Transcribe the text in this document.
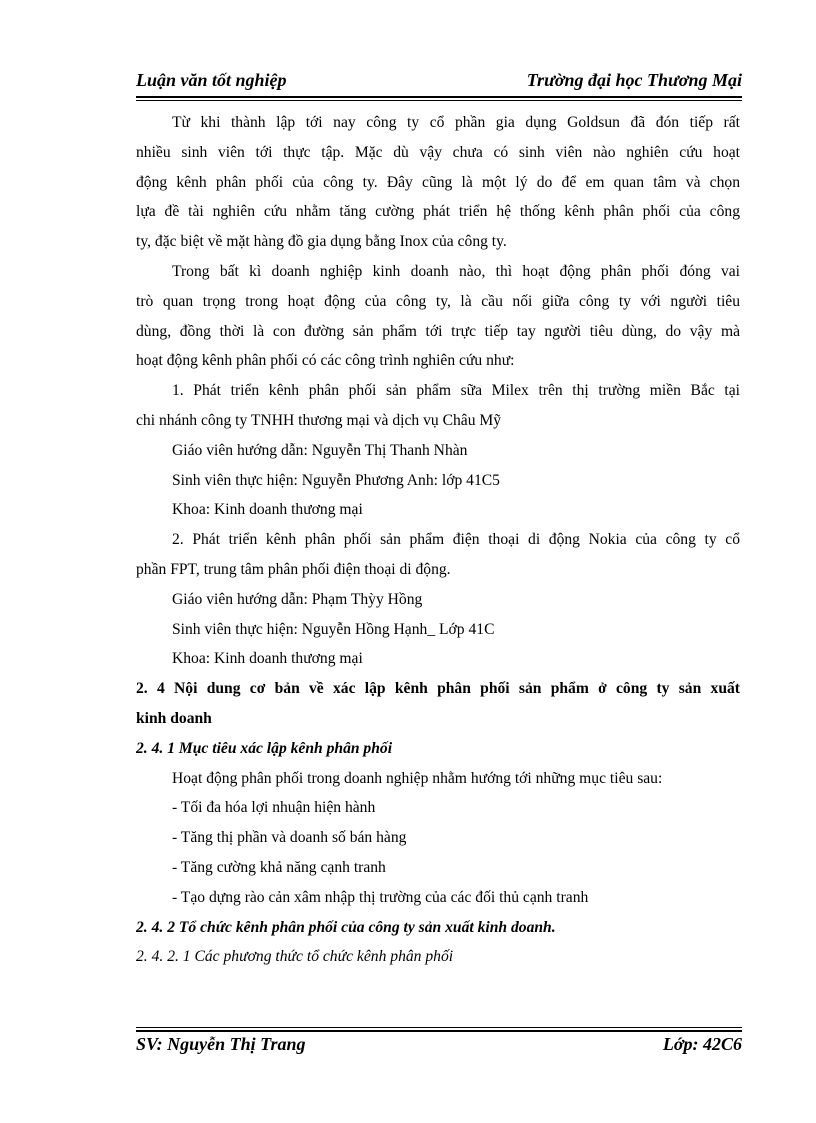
Luận văn tốt nghiệp	Trường đại học Thương Mại
Từ khi thành lập tới nay công ty cổ phần gia dụng Goldsun đã đón tiếp rất
nhiều sinh viên tới thực tập. Mặc dù vậy chưa có sinh viên nào nghiên cứu hoạt
động kênh phân phối của công ty. Đây cũng là một lý do để em quan tâm và chọn
lựa đề tài nghiên cứu nhằm tăng cường phát triển hệ thống kênh phân phối của công
ty, đặc biệt về mặt hàng đồ gia dụng bằng Inox của công ty.
Trong bất kì doanh nghiệp kinh doanh nào, thì hoạt động phân phối đóng vai
trò quan trọng trong hoạt động của công ty, là cầu nối giữa công ty với người tiêu
dùng, đồng thời là con đường sản phẩm tới trực tiếp tay người tiêu dùng, do vậy mà
hoạt động kênh phân phối có các công trình nghiên cứu như:
1. Phát triển kênh phân phối sản phẩm sữa Milex trên thị trường miền Bắc tại
chi nhánh công ty TNHH thương mại và dịch vụ Châu Mỹ
Giáo viên hướng dẫn: Nguyễn Thị Thanh Nhàn
Sinh viên thực hiện: Nguyễn Phương Anh: lớp 41C5
Khoa: Kinh doanh thương mại
2. Phát triển kênh phân phối sản phẩm điện thoại di động Nokia của công ty cổ
phần FPT, trung tâm phân phối điện thoại di động.
Giáo viên hướng dẫn: Phạm Thỳy Hồng
Sinh viên thực hiện: Nguyễn Hồng Hạnh_ Lớp 41C
Khoa: Kinh doanh thương mại
2. 4 Nội dung cơ bản về xác lập kênh phân phối sản phẩm ở công ty sản xuất
kinh doanh
2. 4. 1 Mục tiêu xác lập kênh phân phối
Hoạt động phân phối trong doanh nghiệp nhằm hướng tới những mục tiêu sau:
- Tối đa hóa lợi nhuận hiện hành
- Tăng thị phần và doanh số bán hàng
- Tăng cường khả năng cạnh tranh
- Tạo dựng rào cản xâm nhập thị trường của các đối thủ cạnh tranh
2. 4. 2 Tổ chức kênh phân phối của công ty sản xuất kinh doanh.
2. 4. 2. 1 Các phương thức tổ chức kênh phân phối
SV: Nguyễn Thị Trang	Lớp: 42C6
